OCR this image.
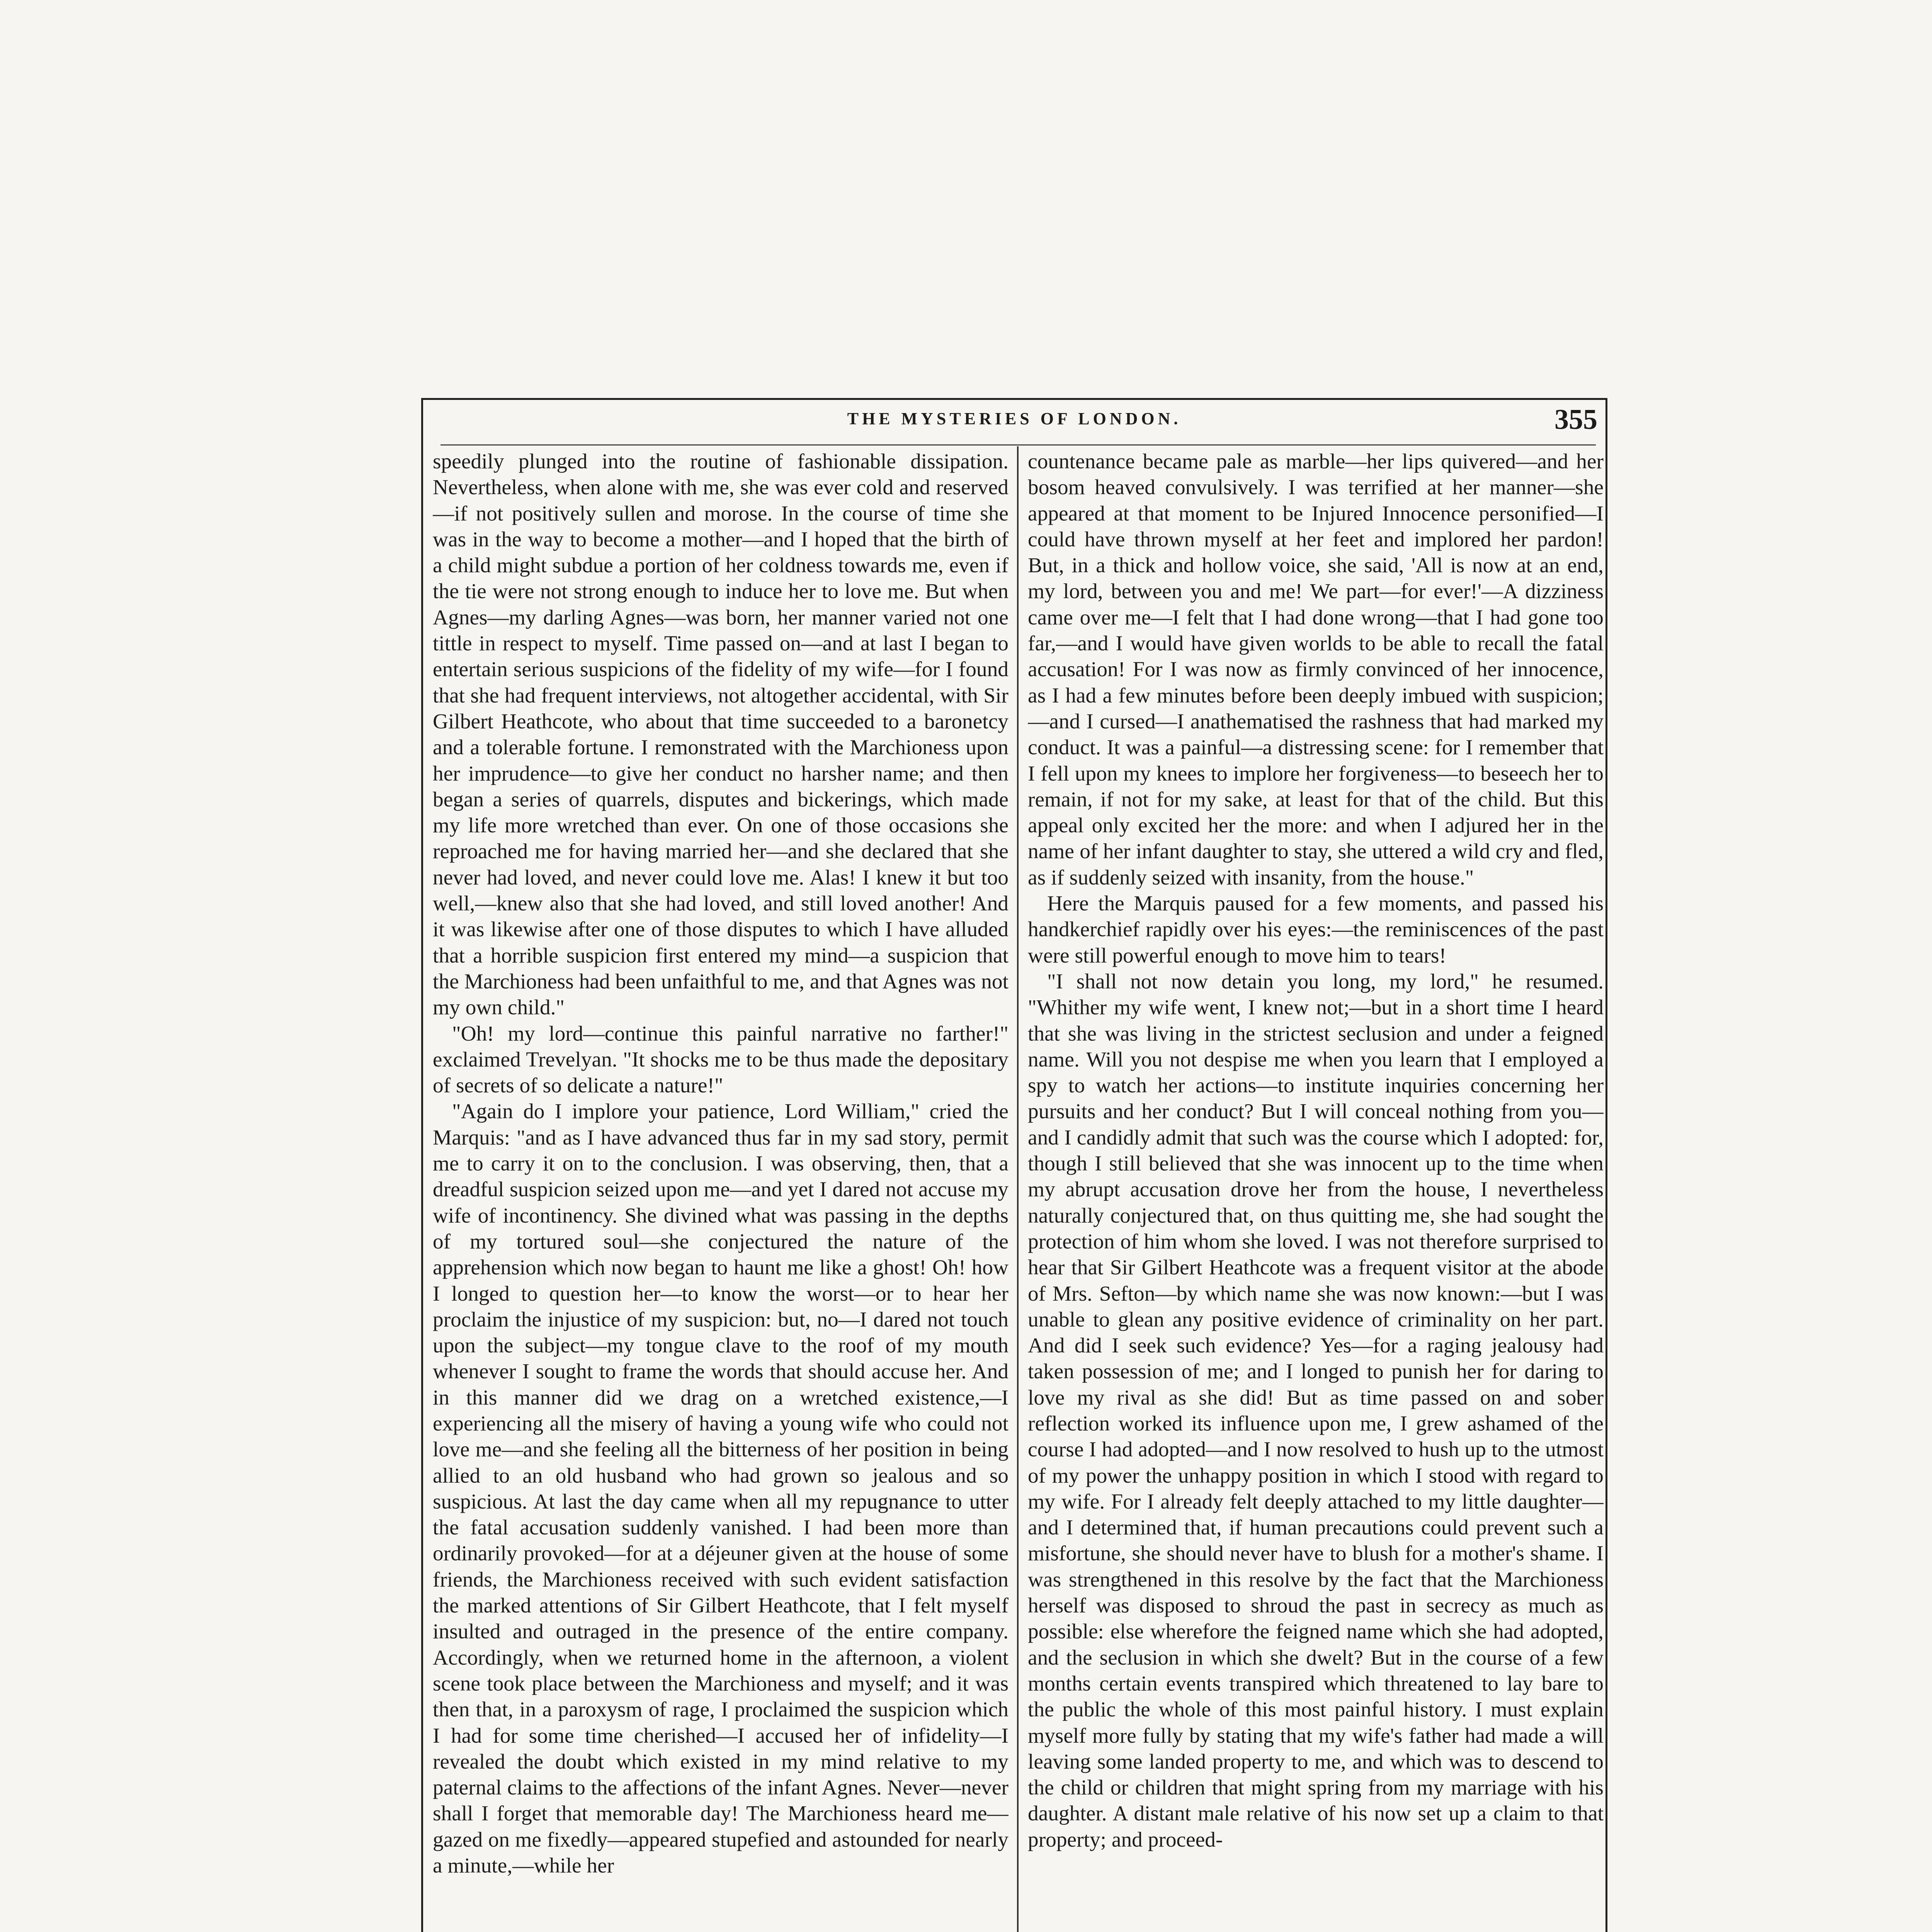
THE MYSTERIES OF LONDON.	355

speedily plunged into the routine of fashionable dissipation. Nevertheless, when alone with me, she was ever cold and reserved—if not positively sullen and morose. In the course of time she was in the way to become a mother—and I hoped that the birth of a child might subdue a portion of her coldness towards me, even if the tie were not strong enough to induce her to love me. But when Agnes—my darling Agnes—was born, her manner varied not one tittle in respect to myself. Time passed on—and at last I began to entertain serious suspicions of the fidelity of my wife—for I found that she had frequent interviews, not altogether accidental, with Sir Gilbert Heathcote, who about that time succeeded to a baronetcy and a tolerable fortune. I remonstrated with the Marchioness upon her imprudence—to give her conduct no harsher name; and then began a series of quarrels, disputes and bickerings, which made my life more wretched than ever. On one of those occasions she reproached me for having married her—and she declared that she never had loved, and never could love me. Alas! I knew it but too well,—knew also that she had loved, and still loved another! And it was likewise after one of those disputes to which I have alluded that a horrible suspicion first entered my mind—a suspicion that the Marchioness had been unfaithful to me, and that Agnes was not my own child."

"Oh! my lord—continue this painful narrative no farther!" exclaimed Trevelyan. "It shocks me to be thus made the depositary of secrets of so delicate a nature!"

"Again do I implore your patience, Lord William," cried the Marquis: "and as I have advanced thus far in my sad story, permit me to carry it on to the conclusion. I was observing, then, that a dreadful suspicion seized upon me—and yet I dared not accuse my wife of incontinency. She divined what was passing in the depths of my tortured soul—she conjectured the nature of the apprehension which now began to haunt me like a ghost! Oh! how I longed to question her—to know the worst—or to hear her proclaim the injustice of my suspicion: but, no—I dared not touch upon the subject—my tongue clave to the roof of my mouth whenever I sought to frame the words that should accuse her. And in this manner did we drag on a wretched existence,—I experiencing all the misery of having a young wife who could not love me—and she feeling all the bitterness of her position in being allied to an old husband who had grown so jealous and so suspicious. At last the day came when all my repugnance to utter the fatal accusation suddenly vanished. I had been more than ordinarily provoked—for at a déjeuner given at the house of some friends, the Marchioness received with such evident satisfaction the marked attentions of Sir Gilbert Heathcote, that I felt myself insulted and outraged in the presence of the entire company. Accordingly, when we returned home in the afternoon, a violent scene took place between the Marchioness and myself; and it was then that, in a paroxysm of rage, I proclaimed the suspicion which I had for some time cherished—I accused her of infidelity—I revealed the doubt which existed in my mind relative to my paternal claims to the affections of the infant Agnes. Never—never shall I forget that memorable day! The Marchioness heard me—gazed on me fixedly—appeared stupefied and astounded for nearly a minute,—while her

countenance became pale as marble—her lips quivered—and her bosom heaved convulsively. I was terrified at her manner—she appeared at that moment to be Injured Innocence personified—I could have thrown myself at her feet and implored her pardon! But, in a thick and hollow voice, she said, 'All is now at an end, my lord, between you and me! We part—for ever!'—A dizziness came over me—I felt that I had done wrong—that I had gone too far,—and I would have given worlds to be able to recall the fatal accusation! For I was now as firmly convinced of her innocence, as I had a few minutes before been deeply imbued with suspicion;—and I cursed—I anathematised the rashness that had marked my conduct. It was a painful—a distressing scene: for I remember that I fell upon my knees to implore her forgiveness—to beseech her to remain, if not for my sake, at least for that of the child. But this appeal only excited her the more: and when I adjured her in the name of her infant daughter to stay, she uttered a wild cry and fled, as if suddenly seized with insanity, from the house."

Here the Marquis paused for a few moments, and passed his handkerchief rapidly over his eyes:—the reminiscences of the past were still powerful enough to move him to tears!

"I shall not now detain you long, my lord," he resumed. "Whither my wife went, I knew not;—but in a short time I heard that she was living in the strictest seclusion and under a feigned name. Will you not despise me when you learn that I employed a spy to watch her actions—to institute inquiries concerning her pursuits and her conduct? But I will conceal nothing from you—and I candidly admit that such was the course which I adopted: for, though I still believed that she was innocent up to the time when my abrupt accusation drove her from the house, I nevertheless naturally conjectured that, on thus quitting me, she had sought the protection of him whom she loved. I was not therefore surprised to hear that Sir Gilbert Heathcote was a frequent visitor at the abode of Mrs. Sefton—by which name she was now known:—but I was unable to glean any positive evidence of criminality on her part. And did I seek such evidence? Yes—for a raging jealousy had taken possession of me; and I longed to punish her for daring to love my rival as she did! But as time passed on and sober reflection worked its influence upon me, I grew ashamed of the course I had adopted—and I now resolved to hush up to the utmost of my power the unhappy position in which I stood with regard to my wife. For I already felt deeply attached to my little daughter—and I determined that, if human precautions could prevent such a misfortune, she should never have to blush for a mother's shame. I was strengthened in this resolve by the fact that the Marchioness herself was disposed to shroud the past in secrecy as much as possible: else wherefore the feigned name which she had adopted, and the seclusion in which she dwelt? But in the course of a few months certain events transpired which threatened to lay bare to the public the whole of this most painful history. I must explain myself more fully by stating that my wife's father had made a will leaving some landed property to me, and which was to descend to the child or children that might spring from my marriage with his daughter. A distant male relative of his now set up a claim to that property; and proceed-
